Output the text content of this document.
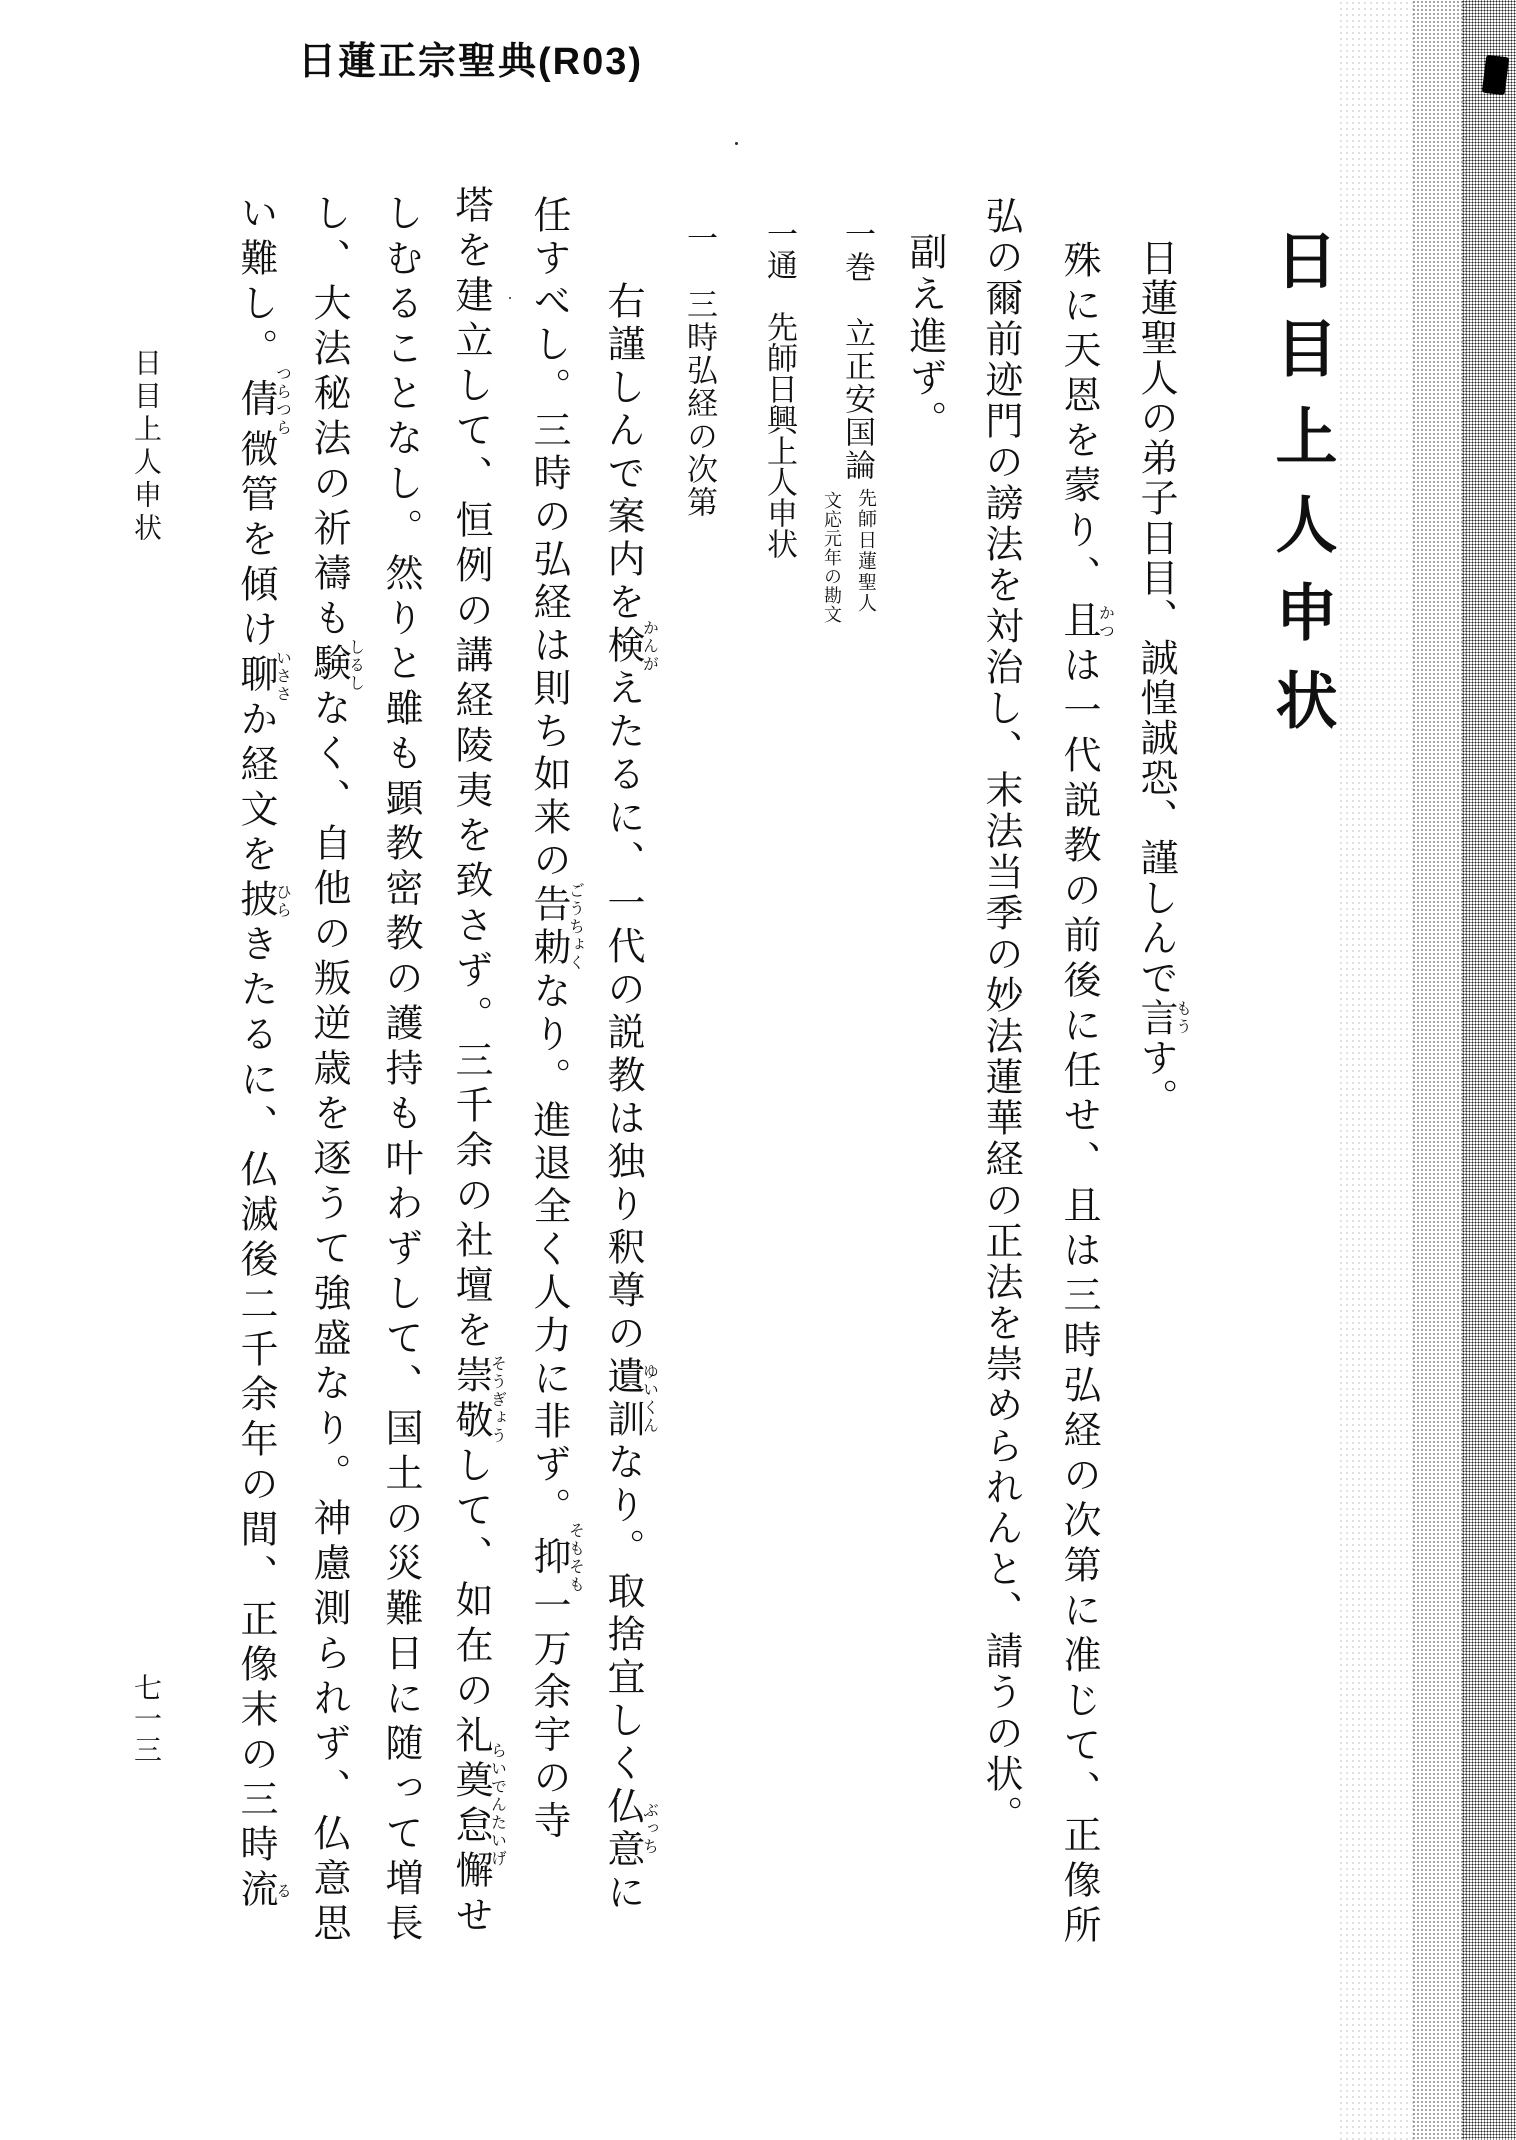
日蓮正宗聖典(R03)
日目上人申状
日蓮聖人の弟子日目、誠惶誠恐、謹しんで言もうす。
殊に天恩を蒙り、且かつは一代説教の前後に任せ、且は三時弘経の次第に准じて、正像所
弘の爾前迹門の謗法を対治し、末法当季の妙法蓮華経の正法を崇められんと、請うの状。
副え進ず。
一巻　立正安国論
先師日蓮聖人
文応元年の勘文
一通　先師日興上人申状
一　三時弘経の次第
右謹しんで案内を検かんがえたるに、一代の説教は独り釈尊の遺訓ゆいくんなり。取捨宜しく仏意ぶっちに
任すべし。三時の弘経は則ち如来の告勅ごうちょくなり。進退全く人力に非ず。抑そもそも一万余宇の寺
塔を建立して、恒例の講経陵夷を致さず。三千余の社壇を崇敬そうぎょうして、如在の礼奠怠懈らいでんたいげせ
しむることなし。然りと雖も顕教密教の護持も叶わずして、国土の災難日に随って増長
し、大法秘法の祈禱も験しるしなく、自他の叛逆歳を逐うて強盛なり。神慮測られず、仏意思
い難し。倩つらつら微管を傾け聊いささか経文を披ひらきたるに、仏滅後二千余年の間、正像末の三時流る
日目上人申状
七一三
